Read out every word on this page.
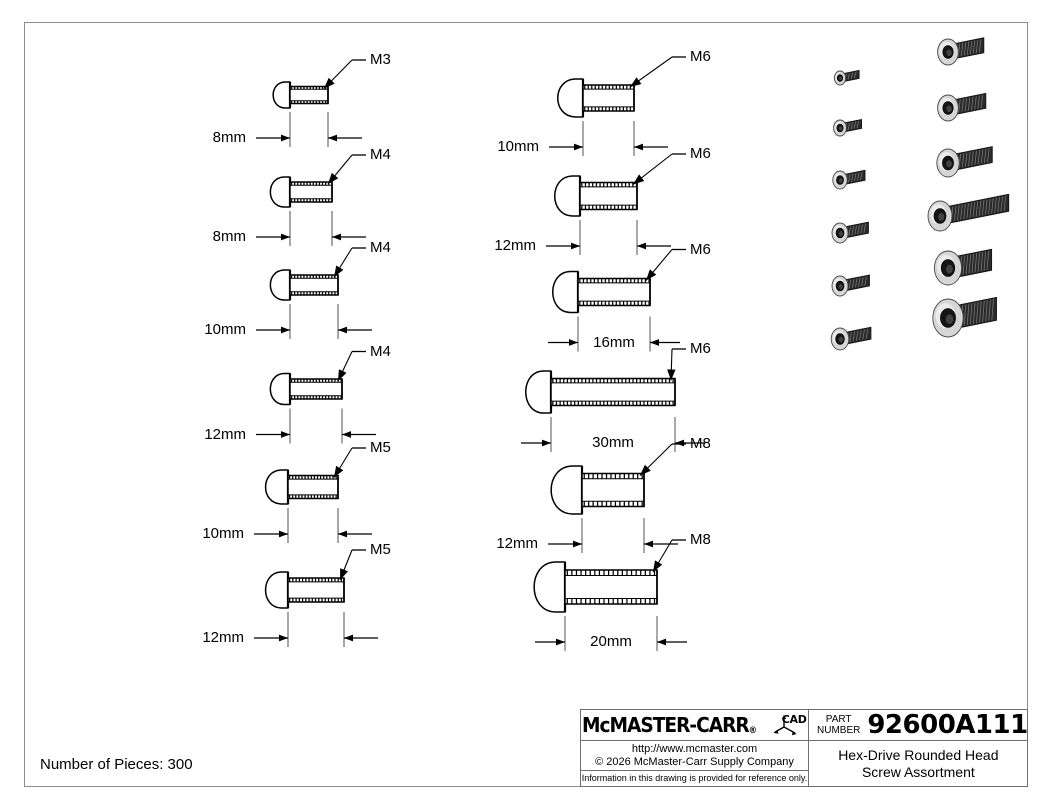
M3
8mm
M4
8mm
M4
10mm
M4
12mm
M5
10mm
M5
12mm
M6
10mm	M6
12mm	M6
16mm	M6
30mm	M8
12mm	M8
20mm
Number of Pieces: 300
MᴄMASTER-CARR®
CAD
http://www.mcmaster.com
© 2026 McMaster-Carr Supply Company
Information in this drawing is provided for reference only.
PART
NUMBER 92600A111
Hex-Drive Rounded Head
Screw Assortment
